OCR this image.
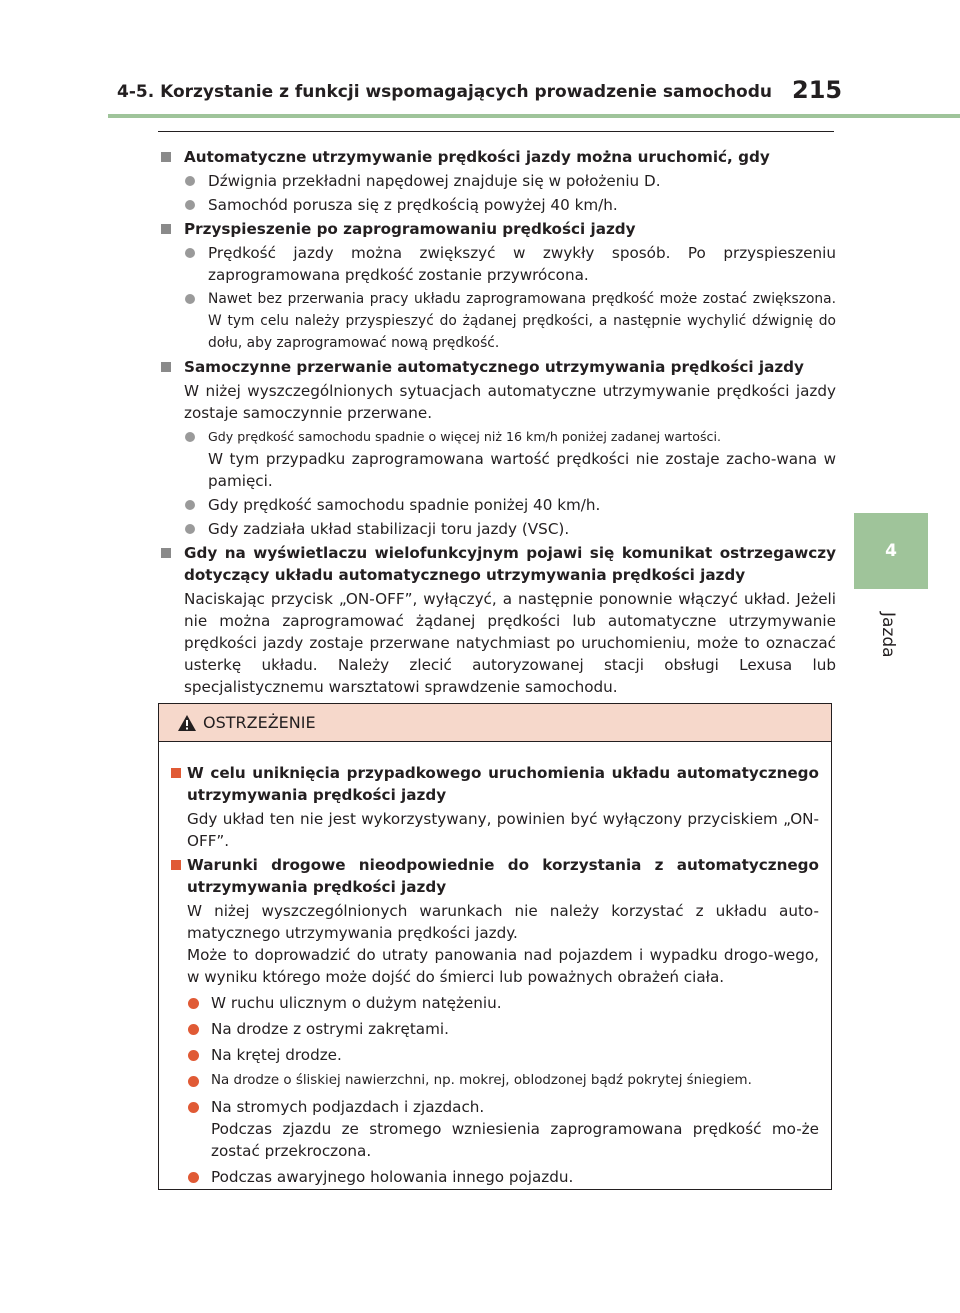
4-5. Korzystanie z funkcji wspomagających prowadzenie samochodu 215
4
Jazda
Automatyczne utrzymywanie prędkości jazdy można uruchomić, gdy
Dźwignia przekładni napędowej znajduje się w położeniu D.
Samochód porusza się z prędkością powyżej 40 km/h.
Przyspieszenie po zaprogramowaniu prędkości jazdy
Prędkość jazdy można zwiększyć w zwykły sposób. Po przyspieszeniu zaprogramowana prędkość zostanie przywrócona.
Nawet bez przerwania pracy układu zaprogramowana prędkość może zostać zwiększona. W tym celu należy przyspieszyć do żądanej prędkości, a następnie wychylić dźwignię do dołu, aby zaprogramować nową prędkość.
Samoczynne przerwanie automatycznego utrzymywania prędkości jazdy
W niżej wyszczególnionych sytuacjach automatyczne utrzymywanie prędkości jazdy zostaje samoczynnie przerwane.
Gdy prędkość samochodu spadnie o więcej niż 16 km/h poniżej zadanej wartości.
W tym przypadku zaprogramowana wartość prędkości nie zostaje zacho-wana w pamięci.
Gdy prędkość samochodu spadnie poniżej 40 km/h.
Gdy zadziała układ stabilizacji toru jazdy (VSC).
Gdy na wyświetlaczu wielofunkcyjnym pojawi się komunikat ostrzegawczy dotyczący układu automatycznego utrzymywania prędkości jazdy
Naciskając przycisk „ON-OFF”, wyłączyć, a następnie ponownie włączyć układ. Jeżeli nie można zaprogramować żądanej prędkości lub automatyczne utrzymywanie prędkości jazdy zostaje przerwane natychmiast po uruchomieniu, może to oznaczać usterkę układu. Należy zlecić autoryzowanej stacji obsługi Lexusa lub specjalistycznemu warsztatowi sprawdzenie samochodu.
OSTRZEŻENIE
W celu uniknięcia przypadkowego uruchomienia układu automatycznego utrzymywania prędkości jazdy
Gdy układ ten nie jest wykorzystywany, powinien być wyłączony przyciskiem „ON-OFF”.
Warunki drogowe nieodpowiednie do korzystania z automatycznego utrzymywania prędkości jazdy
W niżej wyszczególnionych warunkach nie należy korzystać z układu auto-matycznego utrzymywania prędkości jazdy.
Może to doprowadzić do utraty panowania nad pojazdem i wypadku drogo-wego, w wyniku którego może dojść do śmierci lub poważnych obrażeń ciała.
W ruchu ulicznym o dużym natężeniu.
Na drodze z ostrymi zakrętami.
Na krętej drodze.
Na drodze o śliskiej nawierzchni, np. mokrej, oblodzonej bądź pokrytej śniegiem.
Na stromych podjazdach i zjazdach.
Podczas zjazdu ze stromego wzniesienia zaprogramowana prędkość mo-że zostać przekroczona.
Podczas awaryjnego holowania innego pojazdu.
